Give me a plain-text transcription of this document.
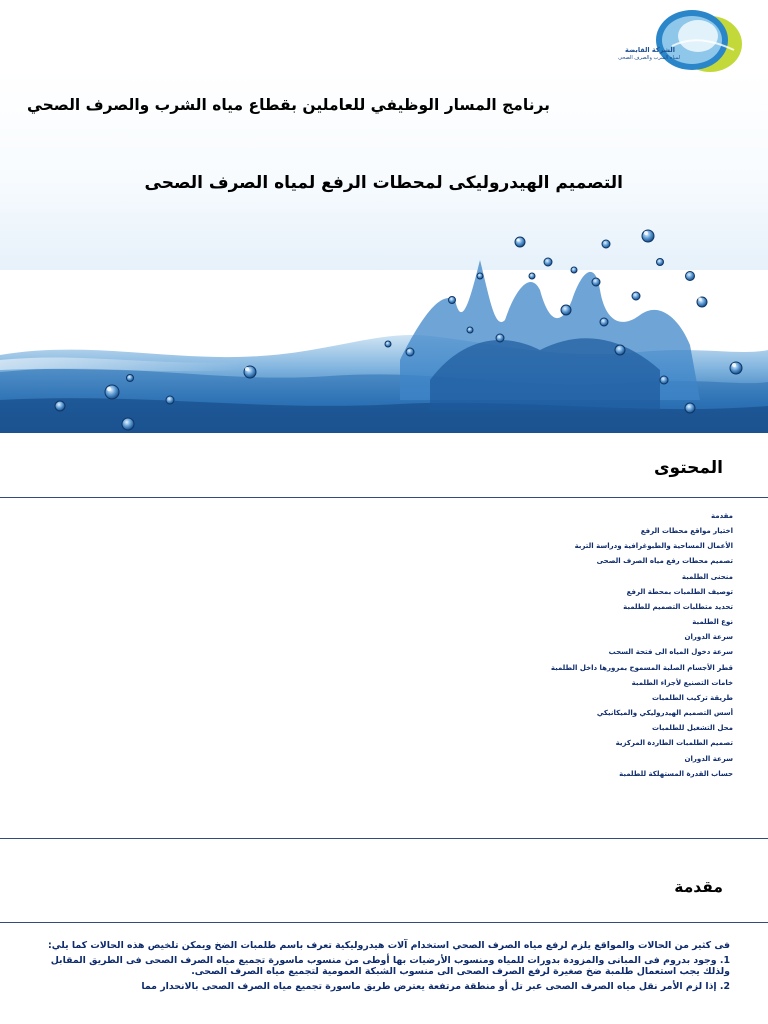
الشركة القابضة
لمياه الشرب والصرف الصحى
برنامج المسار الوظيفي للعاملين بقطاع مياه الشرب والصرف الصحي
التصميم الهيدروليكى لمحطات الرفع لمياه الصرف الصحى
المحتوى
مقدمة
اختيار مواقع محطات الرفع
الأعمال المساحية والطبوغرافية ودراسة التربة
تصميم محطات رفع مياه الصرف الصحى
منحنى الطلمبة
توصيف الطلمبات بمحطة الرفع
تحديد متطلبات التصميم للطلمبة
نوع الطلمبة
سرعة الدوران
سرعة دخول المياه الى فتحة السحب
قطر الأجسام الصلبة المسموح بمرورها داخل الطلمبة
خامات التصنيع لأجزاء الطلمبة
طريقة تركيب الطلمبات
أسس التصميم الهيدروليكي والميكانيكي
محل التشغيل للطلمبات
تصميم الطلمبات الطاردة المركزية
سرعة الدوران
حساب القدرة المستهلكة للطلمبة
مقدمة

فى كثير من الحالات والمواقع يلزم لرفع مياه الصرف الصحي استخدام آلات هيدروليكية تعرف باسم طلمبات الضخ ويمكن تلخيص هذه الحالات كما يلي:

1. وجود بدروم فى المبانى والمزودة بدورات للمياه ومنسوب الأرضيات بها أوطى من منسوب ماسورة تجميع مياه الصرف الصحى فى الطريق المقابل ولذلك يجب استعمال طلمبة ضخ صغيرة لرفع الصرف الصحى الى منسوب الشبكة العمومية لتجميع مياه الصرف الصحى.

2. إذا لزم الأمر نقل مياه الصرف الصحى عبر تل أو منطقة مرتفعة يعترض طريق ماسورة تجميع مياه الصرف الصحى بالانحدار مما
